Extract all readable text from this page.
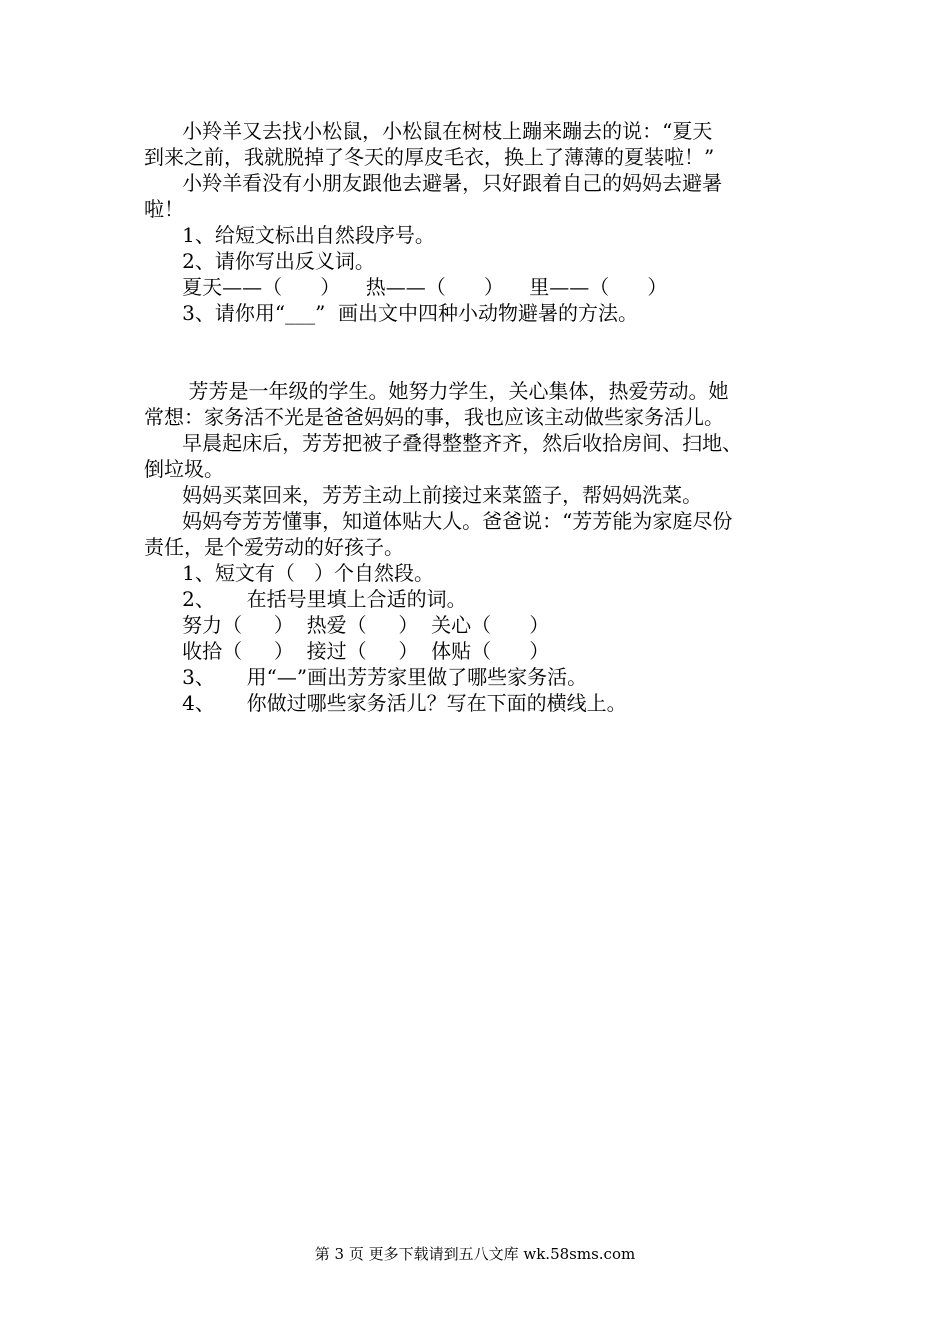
小羚羊又去找小松鼠，小松鼠在树枝上蹦来蹦去的说：“夏天
到来之前，我就脱掉了冬天的厚皮毛衣，换上了薄薄的夏装啦！”
小羚羊看没有小朋友跟他去避暑，只好跟着自己的妈妈去避暑
啦！
1、给短文标出自然段序号。
2、请你写出反义词。
夏天——（      ）    热——（      ）    里——（      ）
3、请你用“___”  画出文中四种小动物避暑的方法。
芳芳是一年级的学生。她努力学生，关心集体，热爱劳动。她
常想：家务活不光是爸爸妈妈的事，我也应该主动做些家务活儿。
早晨起床后，芳芳把被子叠得整整齐齐，然后收拾房间、扫地、
倒垃圾。
妈妈买菜回来，芳芳主动上前接过来菜篮子，帮妈妈洗菜。
妈妈夸芳芳懂事，知道体贴大人。爸爸说：“芳芳能为家庭尽份
责任，是个爱劳动的好孩子。
1、短文有（   ）个自然段。
2、     在括号里填上合适的词。
努力（     ）  热爱（     ）  关心（      ）
收拾（     ）  接过（     ）  体贴（      ）
3、     用“—”画出芳芳家里做了哪些家务活。
4、     你做过哪些家务活儿？写在下面的横线上。
第 3 页 更多下载请到五八文库 wk.58sms.com
